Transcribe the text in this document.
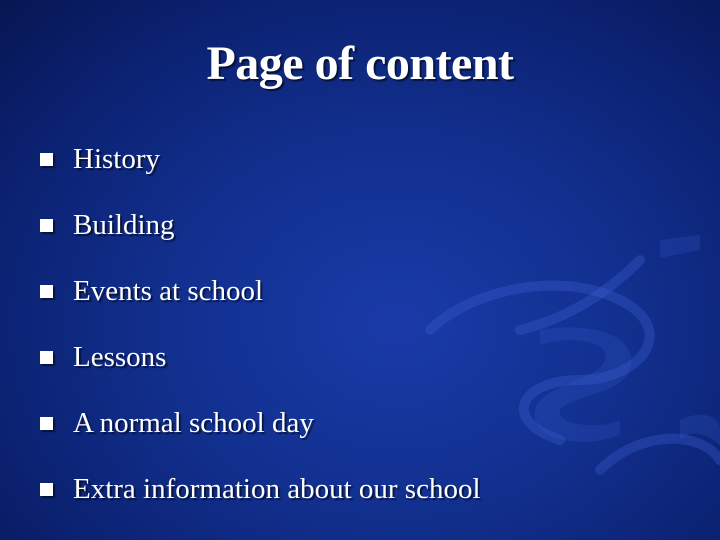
Page of content
History
Building
Events at school
Lessons
A normal school day
Extra information about our school
